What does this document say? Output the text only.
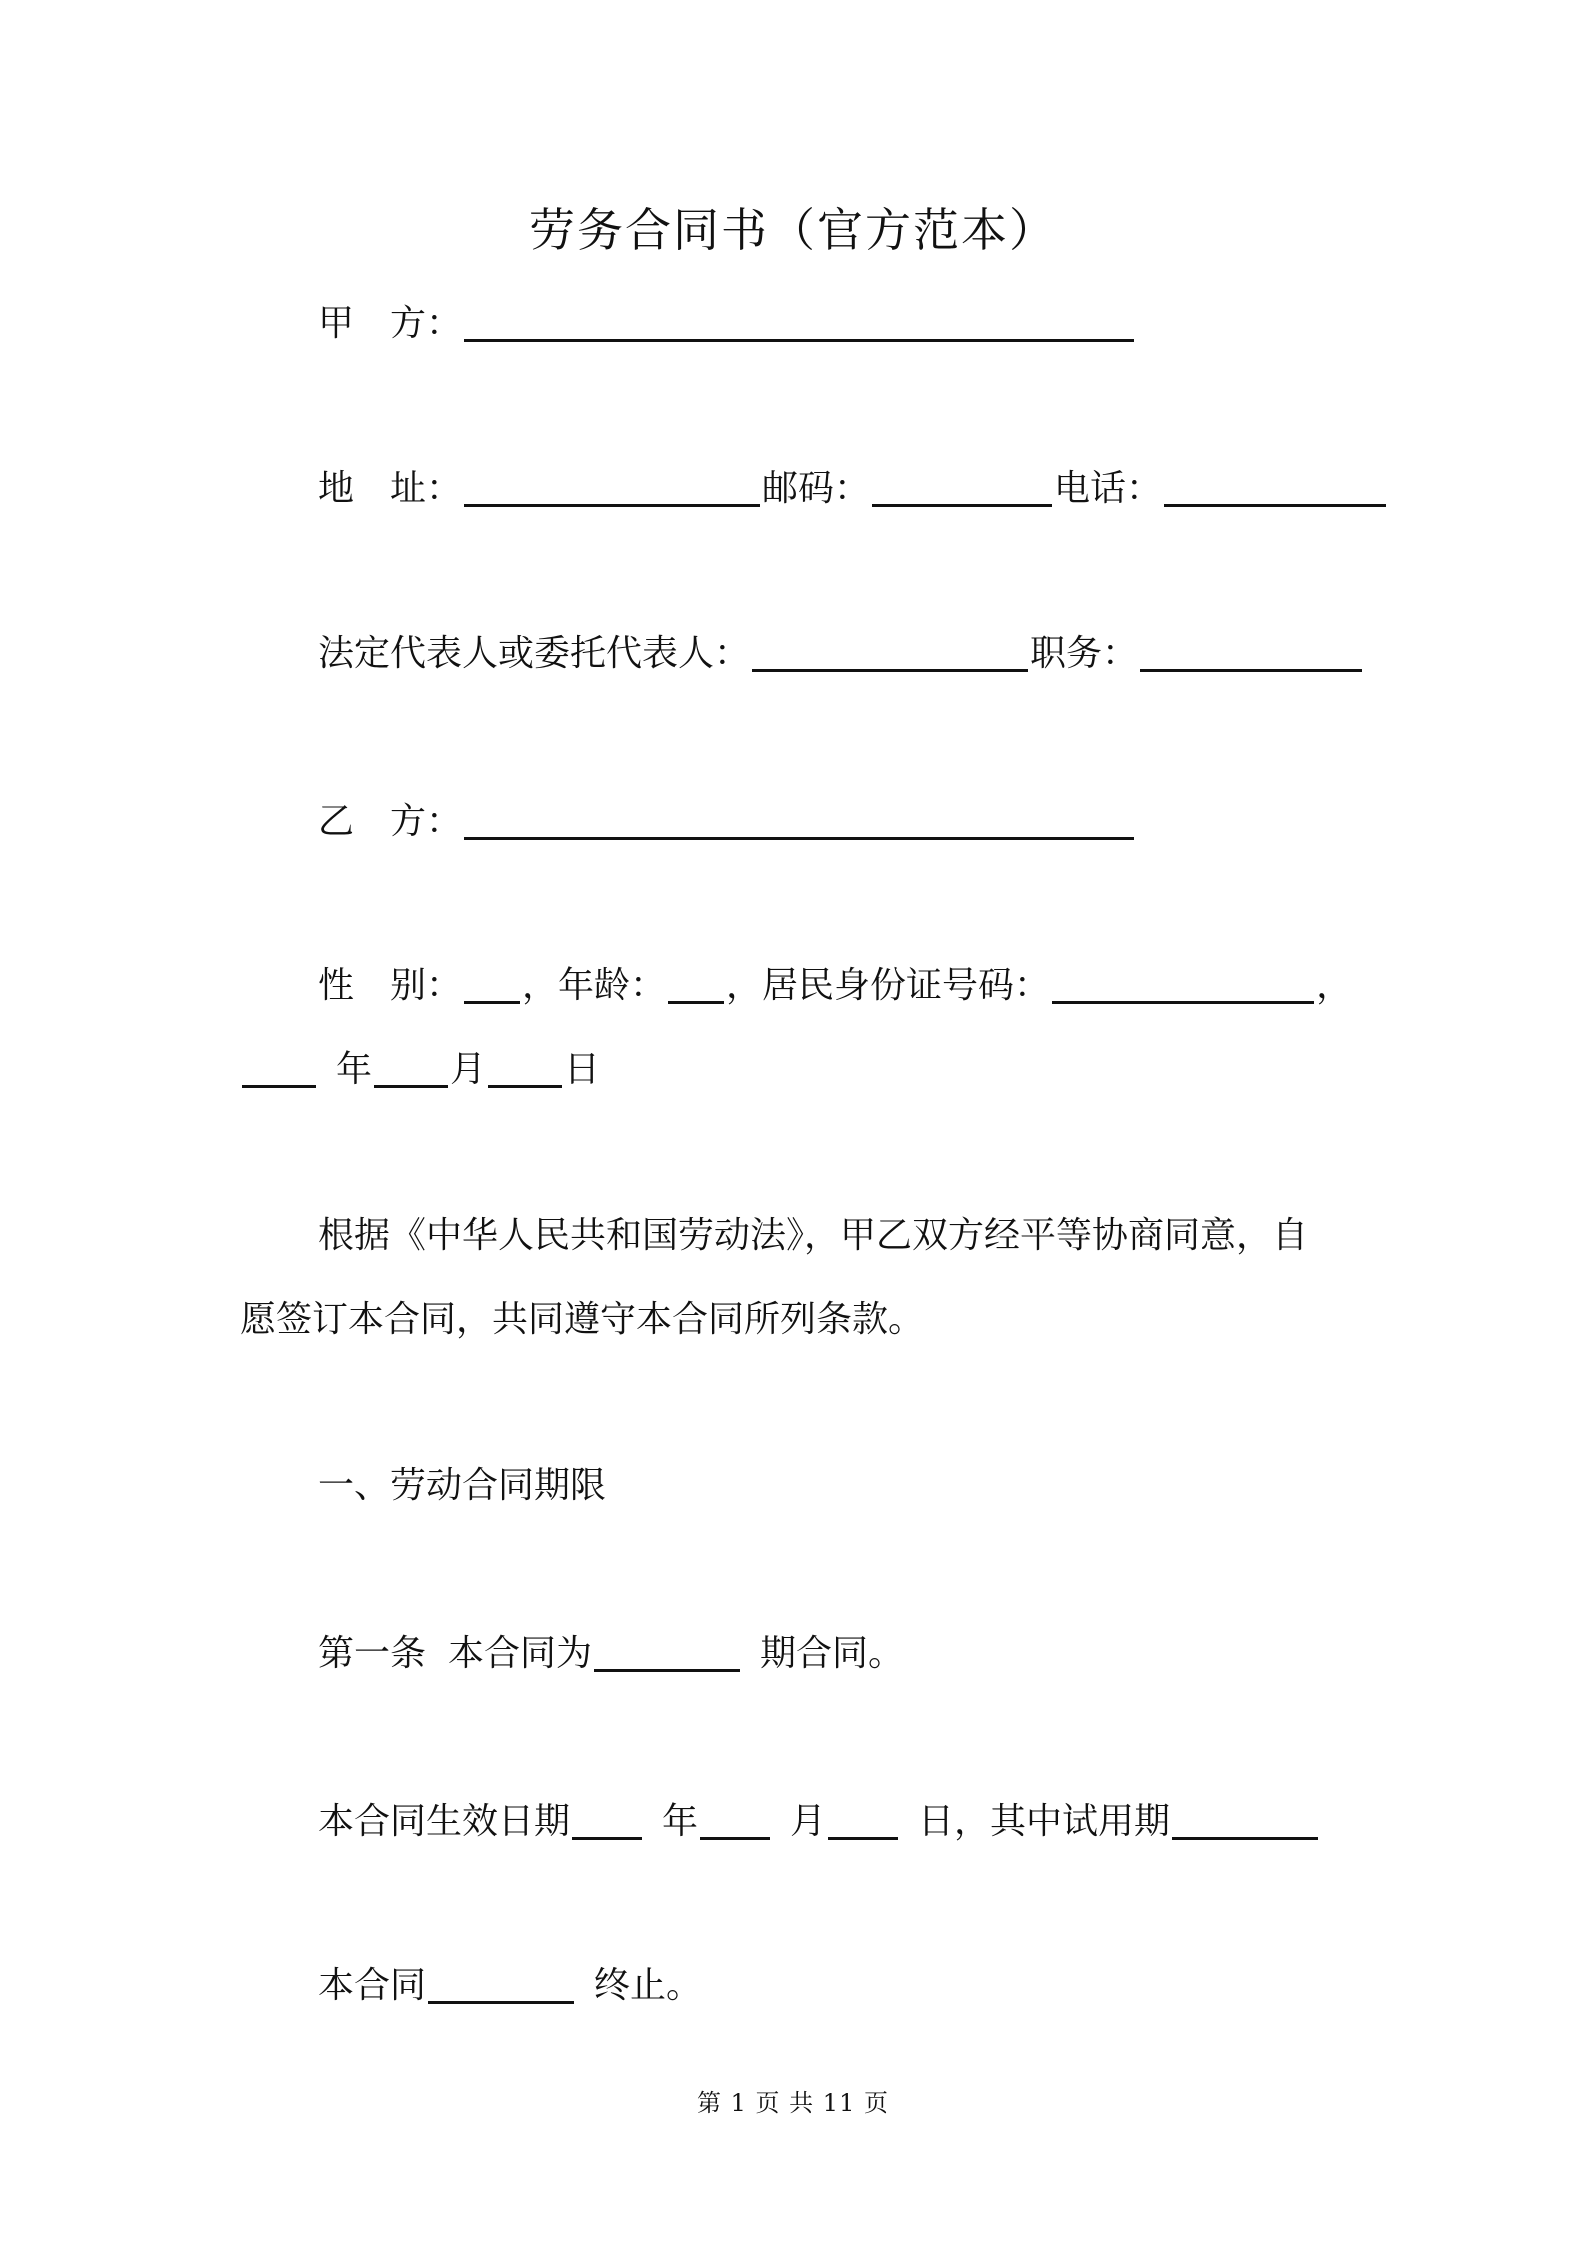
劳务合同书（官方范本）
甲 方：
地 址：	邮码：	电话：
法定代表人或委托代表人：	职务：
乙 方：
性 别： ，年龄： ，居民身份证号码：	，
年 月 日
根据《中华人民共和国劳动法》，甲乙双方经平等协商同意，自
愿签订本合同，共同遵守本合同所列条款。
一、劳动合同期限
第一条 本合同为	期合同。
本合同生效日期	年	月	日，其中试用期
本合同	终止。
第 1 页 共 11 页
